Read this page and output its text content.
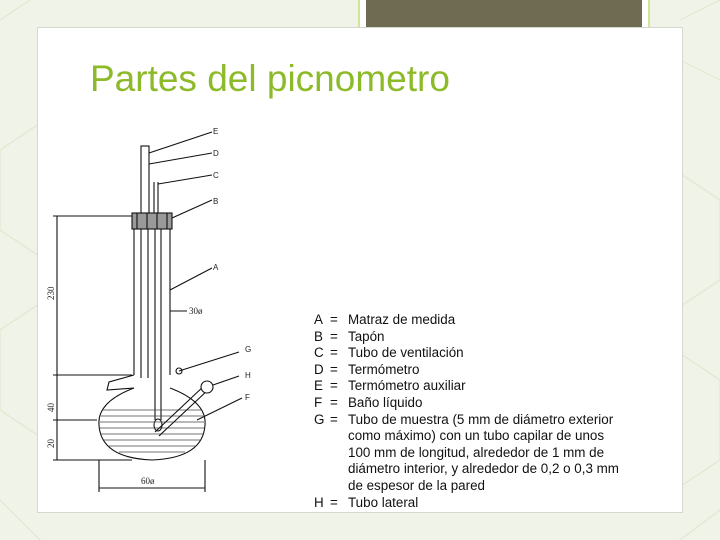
Partes del picnometro
E
D
C
B
A
G
H
F
230
40
20
30ø
60ø
A = Matraz de medida
B = Tapón
C = Tubo de ventilación
D = Termómetro
E = Termómetro auxiliar
F = Baño líquido
G = Tubo de muestra (5 mm de diámetro exterior
como máximo) con un tubo capilar de unos
100 mm de longitud, alrededor de 1 mm de
diámetro interior, y alrededor de 0,2 o 0,3 mm
de espesor de la pared
H = Tubo lateral
